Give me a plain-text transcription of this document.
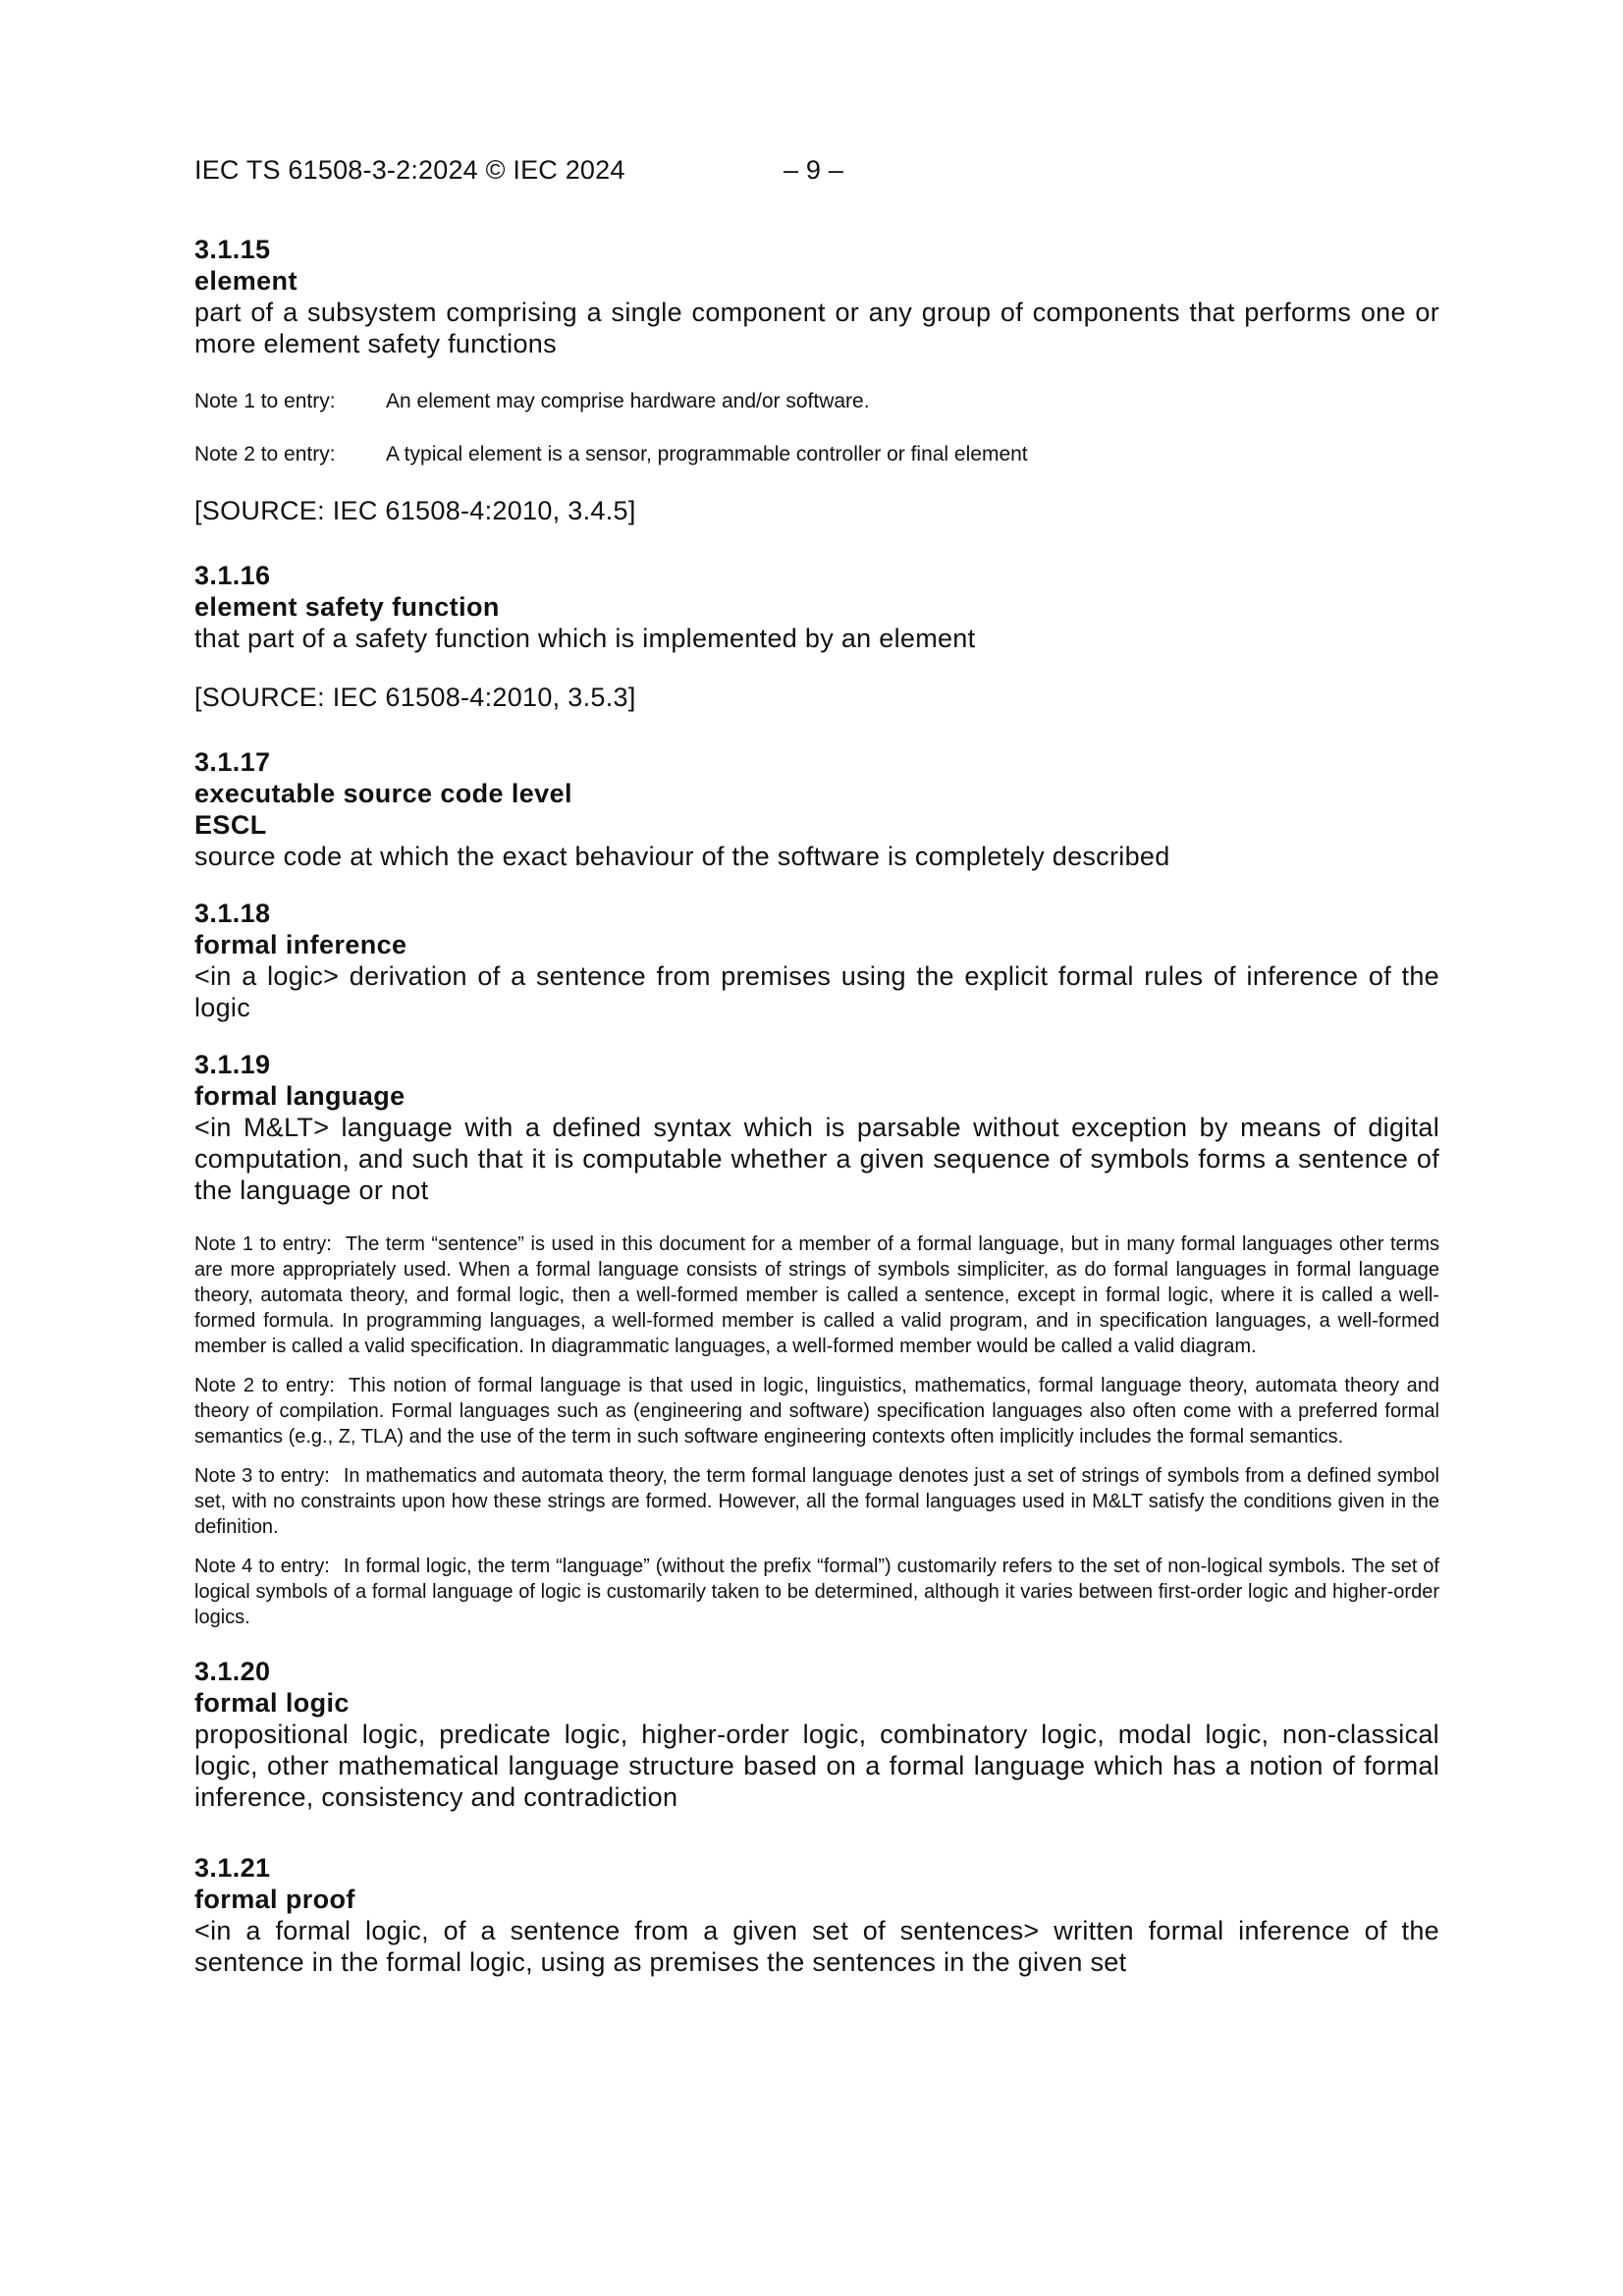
IEC TS 61508-3-2:2024 © IEC 2024	– 9 –
3.1.15
element
part of a subsystem comprising a single component or any group of components that performs one or more element safety functions
Note 1 to entry:	An element may comprise hardware and/or software.
Note 2 to entry:	A typical element is a sensor, programmable controller or final element
[SOURCE: IEC 61508-4:2010, 3.4.5]
3.1.16
element safety function
that part of a safety function which is implemented by an element
[SOURCE: IEC 61508-4:2010, 3.5.3]
3.1.17
executable source code level
ESCL
source code at which the exact behaviour of the software is completely described
3.1.18
formal inference
<in a logic> derivation of a sentence from premises using the explicit formal rules of inference of the logic
3.1.19
formal language
<in M&LT> language with a defined syntax which is parsable without exception by means of digital computation, and such that it is computable whether a given sequence of symbols forms a sentence of the language or not
Note 1 to entry: The term “sentence” is used in this document for a member of a formal language, but in many formal languages other terms are more appropriately used. When a formal language consists of strings of symbols simpliciter, as do formal languages in formal language theory, automata theory, and formal logic, then a well-formed member is called a sentence, except in formal logic, where it is called a well-formed formula. In programming languages, a well-formed member is called a valid program, and in specification languages, a well-formed member is called a valid specification. In diagrammatic languages, a well-formed member would be called a valid diagram.
Note 2 to entry: This notion of formal language is that used in logic, linguistics, mathematics, formal language theory, automata theory and theory of compilation. Formal languages such as (engineering and software) specification languages also often come with a preferred formal semantics (e.g., Z, TLA) and the use of the term in such software engineering contexts often implicitly includes the formal semantics.
Note 3 to entry: In mathematics and automata theory, the term formal language denotes just a set of strings of symbols from a defined symbol set, with no constraints upon how these strings are formed. However, all the formal languages used in M&LT satisfy the conditions given in the definition.
Note 4 to entry: In formal logic, the term “language” (without the prefix “formal”) customarily refers to the set of non-logical symbols. The set of logical symbols of a formal language of logic is customarily taken to be determined, although it varies between first-order logic and higher-order logics.
3.1.20
formal logic
propositional logic, predicate logic, higher-order logic, combinatory logic, modal logic, non-classical logic, other mathematical language structure based on a formal language which has a notion of formal inference, consistency and contradiction
3.1.21
formal proof
<in a formal logic, of a sentence from a given set of sentences> written formal inference of the sentence in the formal logic, using as premises the sentences in the given set
